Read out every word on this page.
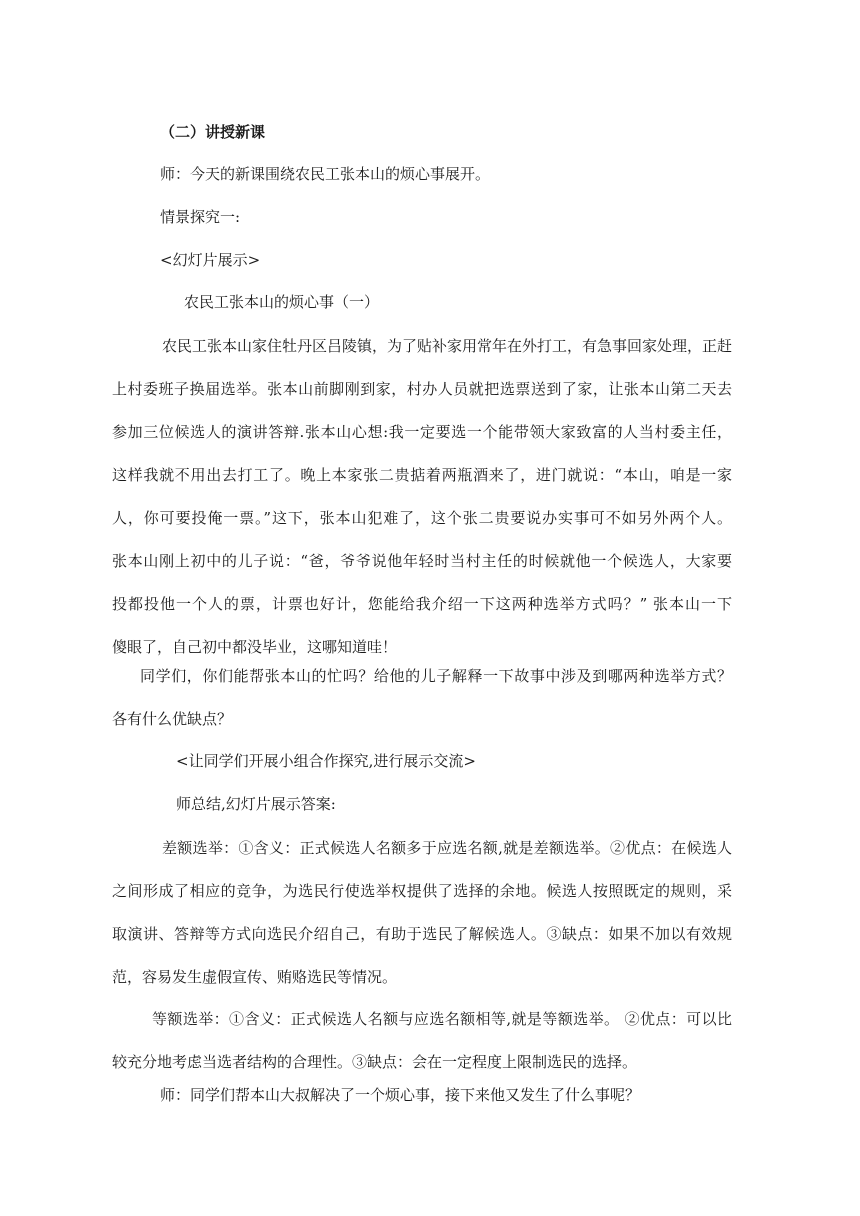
（二）讲授新课
师：今天的新课围绕农民工张本山的烦心事展开。
情景探究一:
<幻灯片展示>
农民工张本山的烦心事（一）
农民工张本山家住牡丹区吕陵镇，为了贴补家用常年在外打工，有急事回家处理，正赶
上村委班子换届选举。张本山前脚刚到家，村办人员就把选票送到了家，让张本山第二天去
参加三位候选人的演讲答辩.张本山心想:我一定要选一个能带领大家致富的人当村委主任，
这样我就不用出去打工了。晚上本家张二贵掂着两瓶酒来了，进门就说：“本山，咱是一家
人，你可要投俺一票。”这下，张本山犯难了，这个张二贵要说办实事可不如另外两个人。
张本山刚上初中的儿子说：“爸，爷爷说他年轻时当村主任的时候就他一个候选人，大家要
投都投他一个人的票，计票也好计，您能给我介绍一下这两种选举方式吗？” 张本山一下
傻眼了，自己初中都没毕业，这哪知道哇！
同学们，你们能帮张本山的忙吗？给他的儿子解释一下故事中涉及到哪两种选举方式？
各有什么优缺点？
<让同学们开展小组合作探究,进行展示交流>
师总结,幻灯片展示答案:
差额选举：①含义：正式候选人名额多于应选名额,就是差额选举。②优点：在候选人
之间形成了相应的竞争，为选民行使选举权提供了选择的余地。候选人按照既定的规则，采
取演讲、答辩等方式向选民介绍自己，有助于选民了解候选人。③缺点：如果不加以有效规
范，容易发生虚假宣传、贿赂选民等情况。
等额选举：①含义：正式候选人名额与应选名额相等,就是等额选举。 ②优点：可以比
较充分地考虑当选者结构的合理性。③缺点：会在一定程度上限制选民的选择。
师：同学们帮本山大叔解决了一个烦心事，接下来他又发生了什么事呢？
